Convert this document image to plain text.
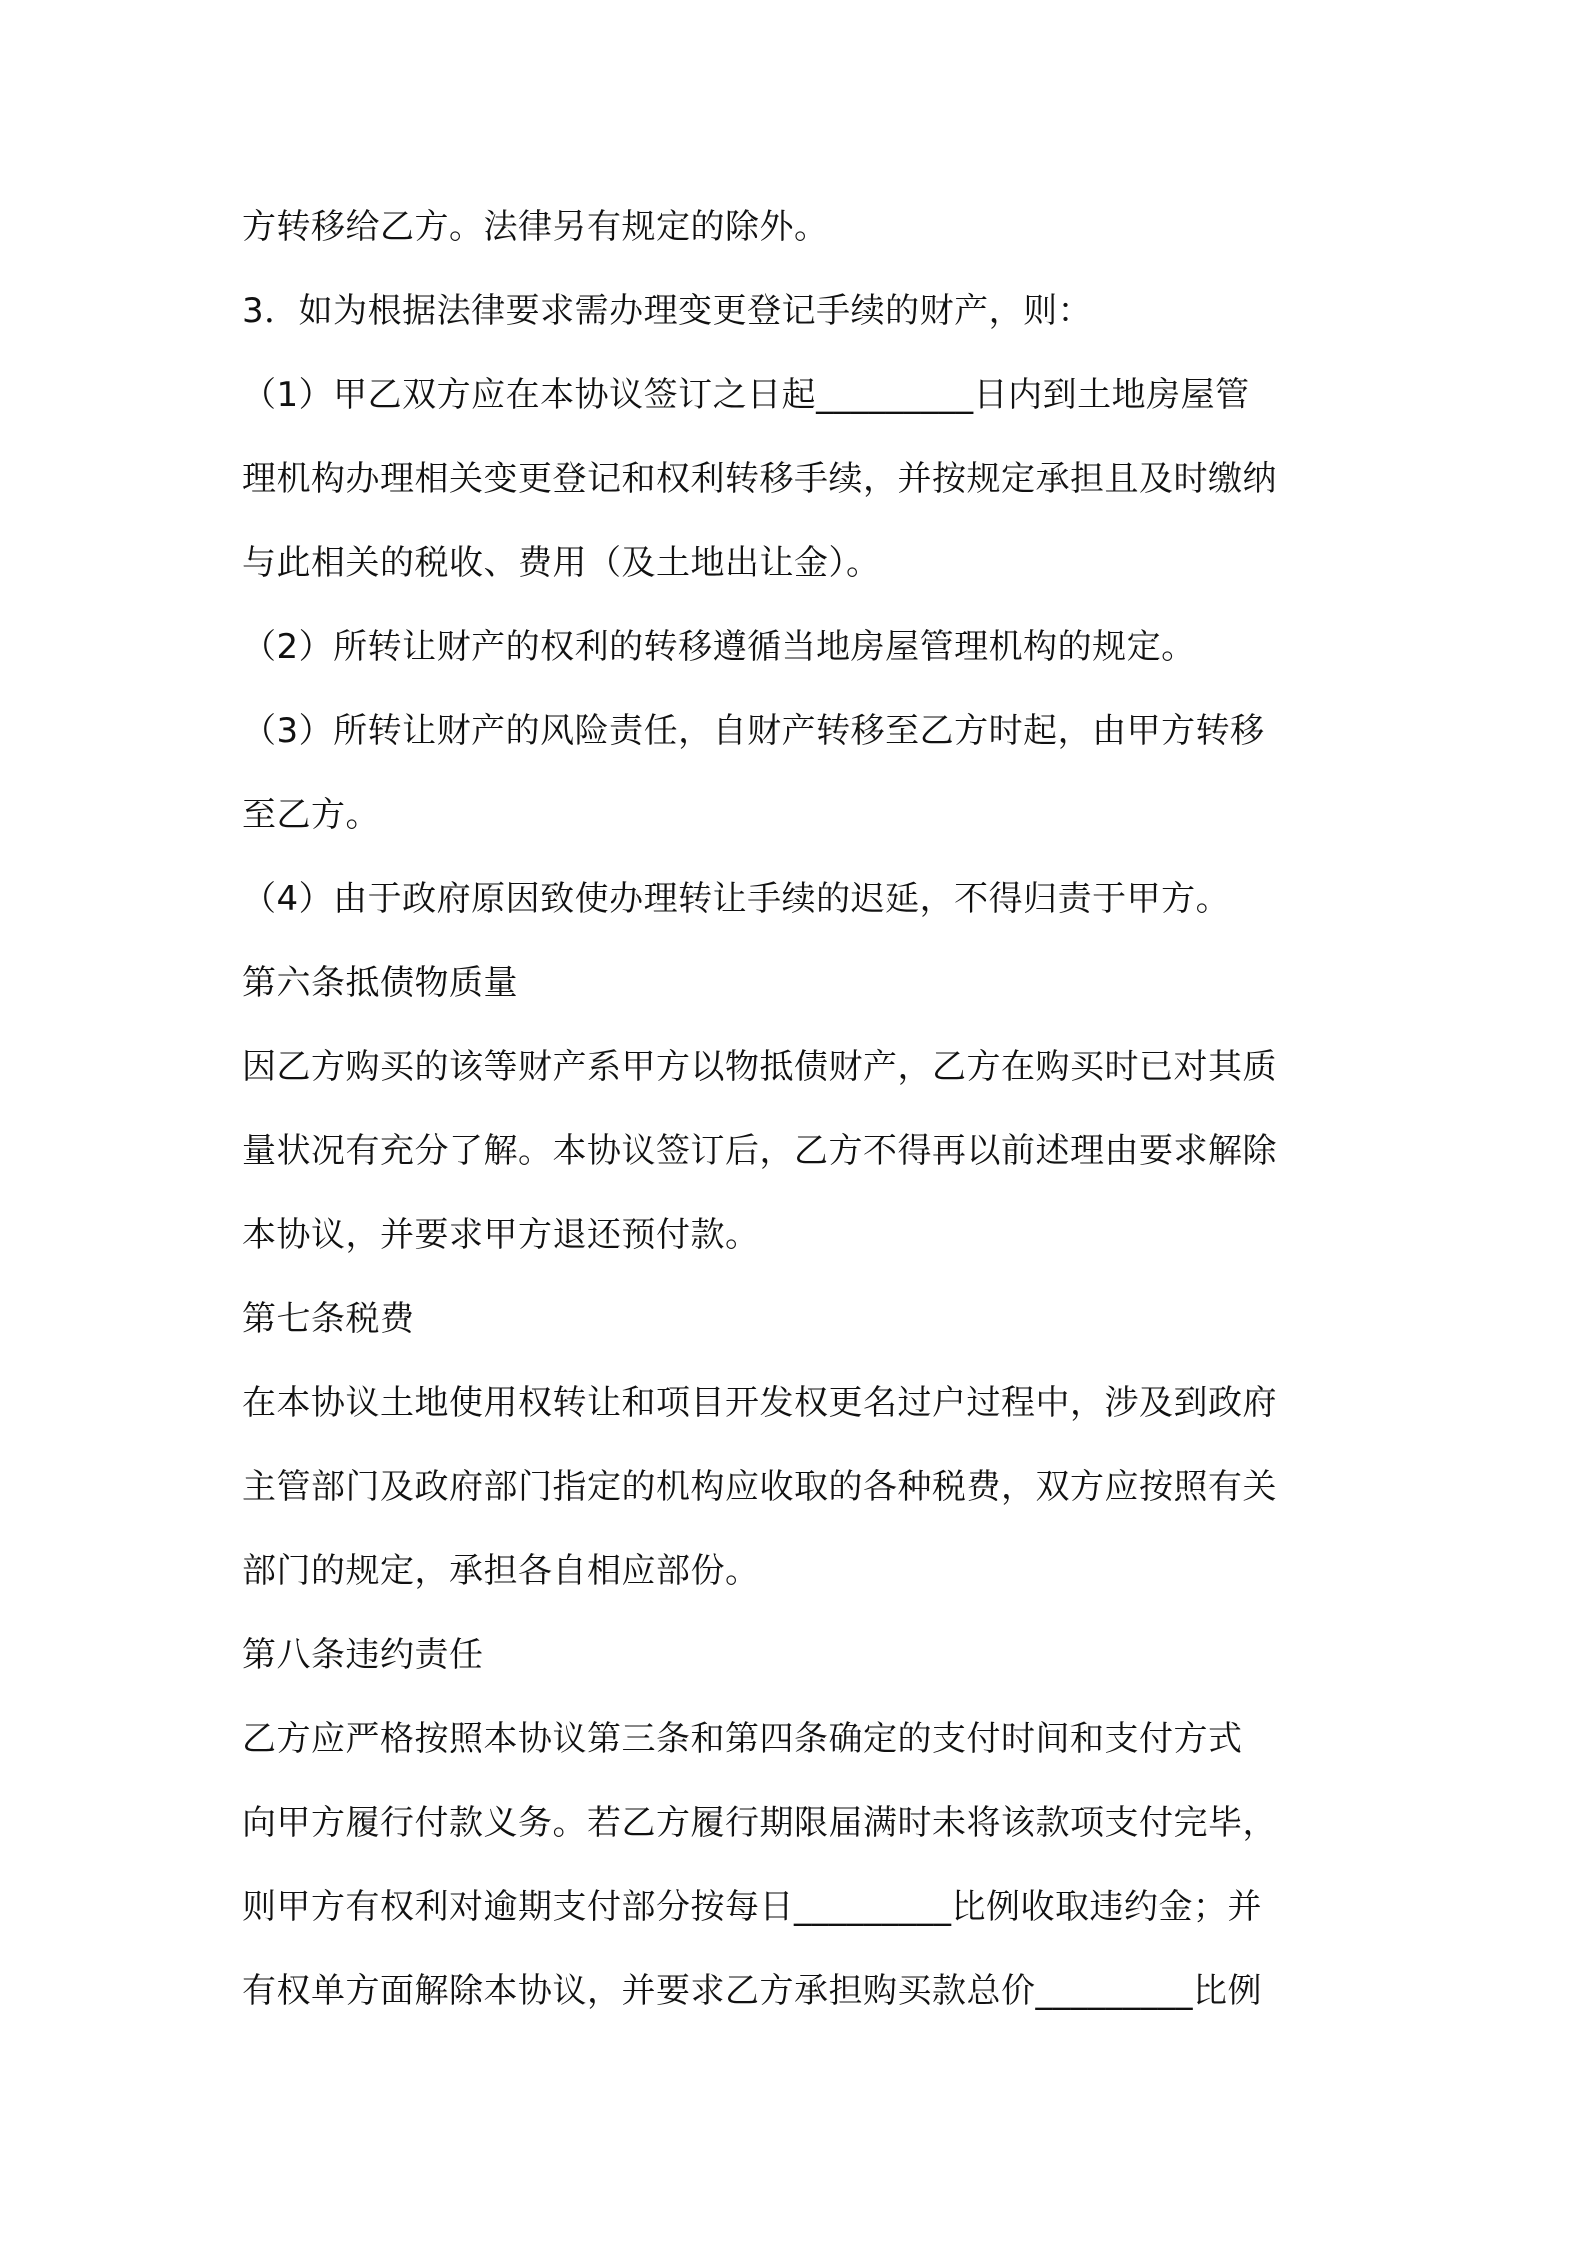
方转移给乙方。法律另有规定的除外。
3．如为根据法律要求需办理变更登记手续的财产，则：
（1）甲乙双方应在本协议签订之日起_________日内到土地房屋管
理机构办理相关变更登记和权利转移手续，并按规定承担且及时缴纳
与此相关的税收、费用（及土地出让金）。
（2）所转让财产的权利的转移遵循当地房屋管理机构的规定。
（3）所转让财产的风险责任，自财产转移至乙方时起，由甲方转移
至乙方。
（4）由于政府原因致使办理转让手续的迟延，不得归责于甲方。
第六条抵债物质量
因乙方购买的该等财产系甲方以物抵债财产，乙方在购买时已对其质
量状况有充分了解。本协议签订后，乙方不得再以前述理由要求解除
本协议，并要求甲方退还预付款。
第七条税费
在本协议土地使用权转让和项目开发权更名过户过程中，涉及到政府
主管部门及政府部门指定的机构应收取的各种税费，双方应按照有关
部门的规定，承担各自相应部份。
第八条违约责任
乙方应严格按照本协议第三条和第四条确定的支付时间和支付方式
向甲方履行付款义务。若乙方履行期限届满时未将该款项支付完毕，
则甲方有权利对逾期支付部分按每日_________比例收取违约金；并
有权单方面解除本协议，并要求乙方承担购买款总价_________比例
